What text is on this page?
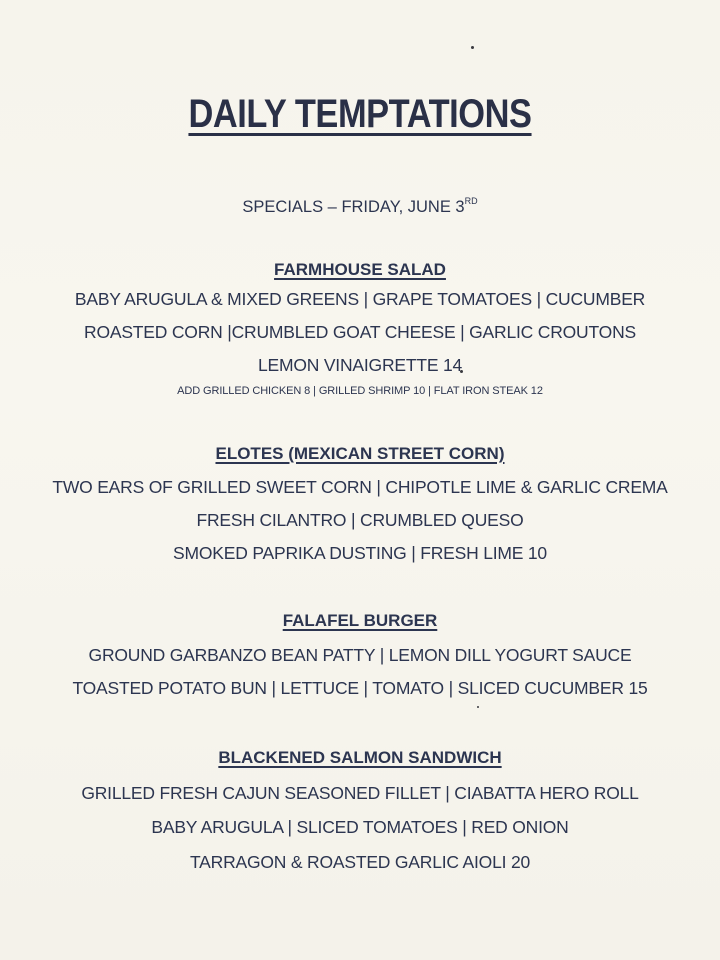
DAILY TEMPTATIONS
SPECIALS – FRIDAY, JUNE 3RD
FARMHOUSE SALAD
BABY ARUGULA & MIXED GREENS | GRAPE TOMATOES | CUCUMBER
ROASTED CORN |CRUMBLED GOAT CHEESE | GARLIC CROUTONS
LEMON VINAIGRETTE 14
ADD GRILLED CHICKEN 8 | GRILLED SHRIMP 10 | FLAT IRON STEAK 12
ELOTES (MEXICAN STREET CORN)
TWO EARS OF GRILLED SWEET CORN | CHIPOTLE LIME & GARLIC CREMA
FRESH CILANTRO | CRUMBLED QUESO
SMOKED PAPRIKA DUSTING | FRESH LIME 10
FALAFEL BURGER
GROUND GARBANZO BEAN PATTY | LEMON DILL YOGURT SAUCE
TOASTED POTATO BUN | LETTUCE | TOMATO | SLICED CUCUMBER 15
BLACKENED SALMON SANDWICH
GRILLED FRESH CAJUN SEASONED FILLET | CIABATTA HERO ROLL
BABY ARUGULA | SLICED TOMATOES | RED ONION
TARRAGON & ROASTED GARLIC AIOLI 20
